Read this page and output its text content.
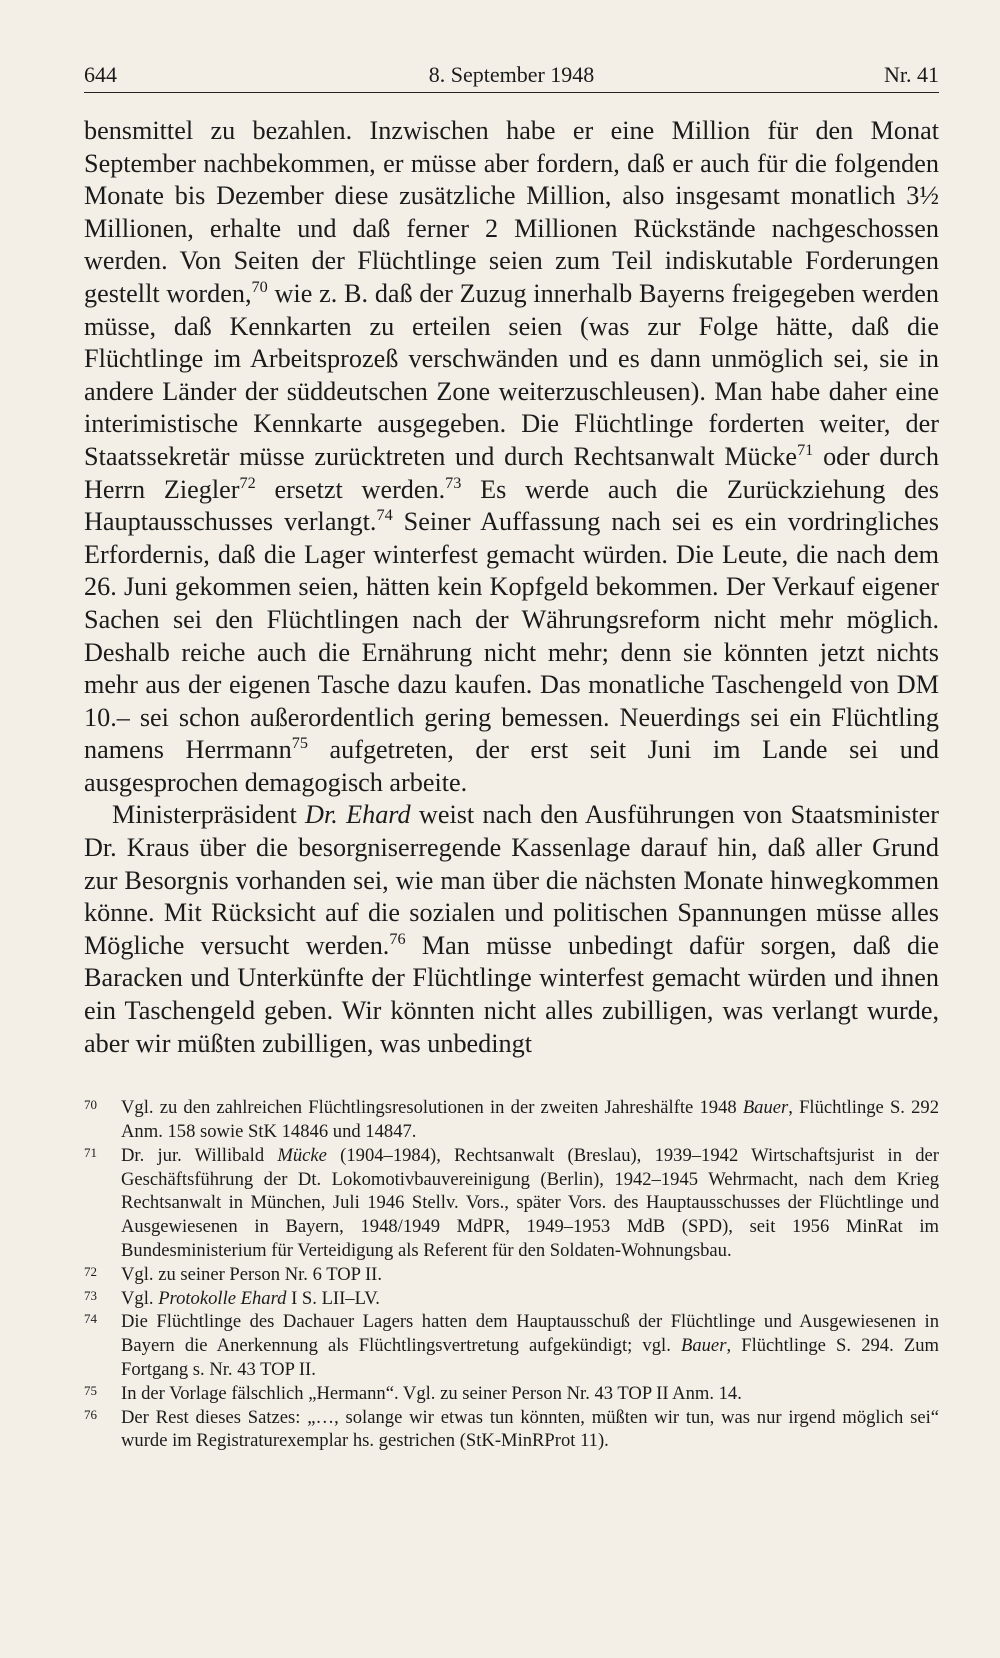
644	8. September 1948	Nr. 41

bensmittel zu bezahlen. Inzwischen habe er eine Million für den Monat September nachbekommen, er müsse aber fordern, daß er auch für die folgenden Monate bis Dezember diese zusätzliche Million, also insgesamt monatlich 3½ Millionen, erhalte und daß ferner 2 Millionen Rückstände nachgeschossen werden. Von Seiten der Flüchtlinge seien zum Teil indiskutable Forderungen gestellt worden,$^{70}$ wie z. B. daß der Zuzug innerhalb Bayerns freigegeben werden müsse, daß Kennkarten zu erteilen seien (was zur Folge hätte, daß die Flüchtlinge im Arbeitsprozeß verschwänden und es dann unmöglich sei, sie in andere Länder der süddeutschen Zone weiterzuschleusen). Man habe daher eine interimistische Kennkarte ausgegeben. Die Flüchtlinge forderten weiter, der Staatssekretär müsse zurücktreten und durch Rechtsanwalt Mücke$^{71}$ oder durch Herrn Ziegler$^{72}$ ersetzt werden.$^{73}$ Es werde auch die Zurückziehung des Hauptausschusses verlangt.$^{74}$ Seiner Auffassung nach sei es ein vordringliches Erfordernis, daß die Lager winterfest gemacht würden. Die Leute, die nach dem 26. Juni gekommen seien, hätten kein Kopfgeld bekommen. Der Verkauf eigener Sachen sei den Flüchtlingen nach der Währungsreform nicht mehr möglich. Deshalb reiche auch die Ernährung nicht mehr; denn sie könnten jetzt nichts mehr aus der eigenen Tasche dazu kaufen. Das monatliche Taschengeld von DM 10.– sei schon außerordentlich gering bemessen. Neuerdings sei ein Flüchtling namens Herrmann$^{75}$ aufgetreten, der erst seit Juni im Lande sei und ausgesprochen demagogisch arbeite.

Ministerpräsident Dr. Ehard weist nach den Ausführungen von Staatsminister Dr. Kraus über die besorgniserregende Kassenlage darauf hin, daß aller Grund zur Besorgnis vorhanden sei, wie man über die nächsten Monate hinwegkommen könne. Mit Rücksicht auf die sozialen und politischen Spannungen müsse alles Mögliche versucht werden.$^{76}$ Man müsse unbedingt dafür sorgen, daß die Baracken und Unterkünfte der Flüchtlinge winterfest gemacht würden und ihnen ein Taschengeld geben. Wir könnten nicht alles zubilligen, was verlangt wurde, aber wir müßten zubilligen, was unbedingt

70	Vgl. zu den zahlreichen Flüchtlingsresolutionen in der zweiten Jahreshälfte 1948 Bauer, Flüchtlinge S. 292 Anm. 158 sowie StK 14846 und 14847.
71	Dr. jur. Willibald Mücke (1904–1984), Rechtsanwalt (Breslau), 1939–1942 Wirtschaftsjurist in der Geschäftsführung der Dt. Lokomotivbauvereinigung (Berlin), 1942–1945 Wehrmacht, nach dem Krieg Rechtsanwalt in München, Juli 1946 Stellv. Vors., später Vors. des Hauptausschusses der Flüchtlinge und Ausgewiesenen in Bayern, 1948/1949 MdPR, 1949–1953 MdB (SPD), seit 1956 MinRat im Bundesministerium für Verteidigung als Referent für den Soldaten-Wohnungsbau.
72	Vgl. zu seiner Person Nr. 6 TOP II.
73	Vgl. Protokolle Ehard I S. LII–LV.
74	Die Flüchtlinge des Dachauer Lagers hatten dem Hauptausschuß der Flüchtlinge und Ausgewiesenen in Bayern die Anerkennung als Flüchtlingsvertretung aufgekündigt; vgl. Bauer, Flüchtlinge S. 294. Zum Fortgang s. Nr. 43 TOP II.
75	In der Vorlage fälschlich „Hermann“. Vgl. zu seiner Person Nr. 43 TOP II Anm. 14.
76	Der Rest dieses Satzes: „…, solange wir etwas tun könnten, müßten wir tun, was nur irgend möglich sei“ wurde im Registraturexemplar hs. gestrichen (StK-MinRProt 11).
